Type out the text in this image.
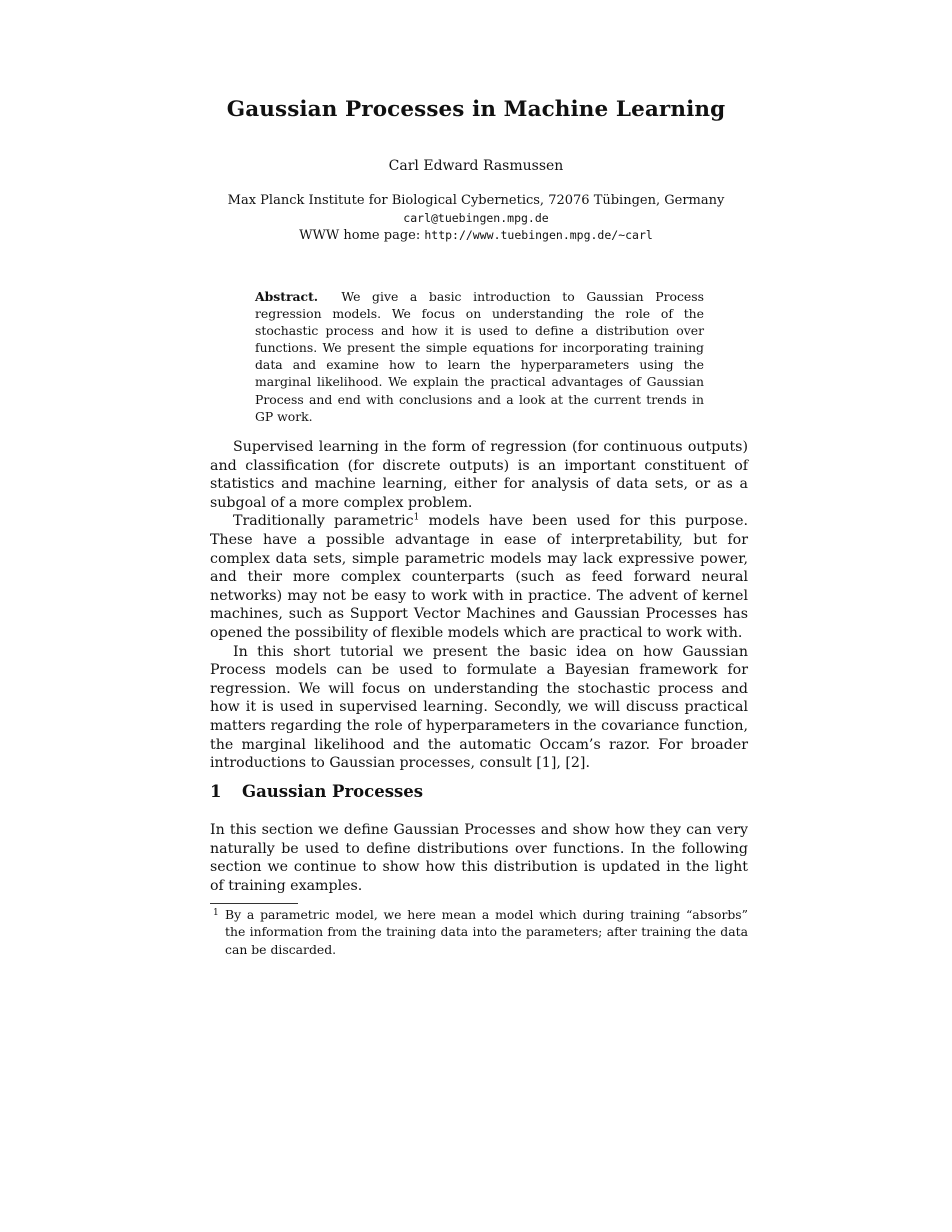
Gaussian Processes in Machine Learning
Carl Edward Rasmussen
Max Planck Institute for Biological Cybernetics, 72076 Tübingen, Germany
carl@tuebingen.mpg.de
WWW home page: http://www.tuebingen.mpg.de/~carl
Abstract. We give a basic introduction to Gaussian Process regression models. We focus on understanding the role of the stochastic process and how it is used to define a distribution over functions. We present the simple equations for incorporating training data and examine how to learn the hyperparameters using the marginal likelihood. We explain the practical advantages of Gaussian Process and end with conclusions and a look at the current trends in GP work.

Supervised learning in the form of regression (for continuous outputs) and classification (for discrete outputs) is an important constituent of statistics and machine learning, either for analysis of data sets, or as a subgoal of a more complex problem.

Traditionally parametric$^1$ models have been used for this purpose. These have a possible advantage in ease of interpretability, but for complex data sets, simple parametric models may lack expressive power, and their more complex counterparts (such as feed forward neural networks) may not be easy to work with in practice. The advent of kernel machines, such as Support Vector Machines and Gaussian Processes has opened the possibility of flexible models which are practical to work with.

In this short tutorial we present the basic idea on how Gaussian Process models can be used to formulate a Bayesian framework for regression. We will focus on understanding the stochastic process and how it is used in supervised learning. Secondly, we will discuss practical matters regarding the role of hyperparameters in the covariance function, the marginal likelihood and the automatic Occam’s razor. For broader introductions to Gaussian processes, consult [1], [2].

1 Gaussian Processes

In this section we define Gaussian Processes and show how they can very naturally be used to define distributions over functions. In the following section we continue to show how this distribution is updated in the light of training examples.

1 By a parametric model, we here mean a model which during training “absorbs” the information from the training data into the parameters; after training the data can be discarded.
